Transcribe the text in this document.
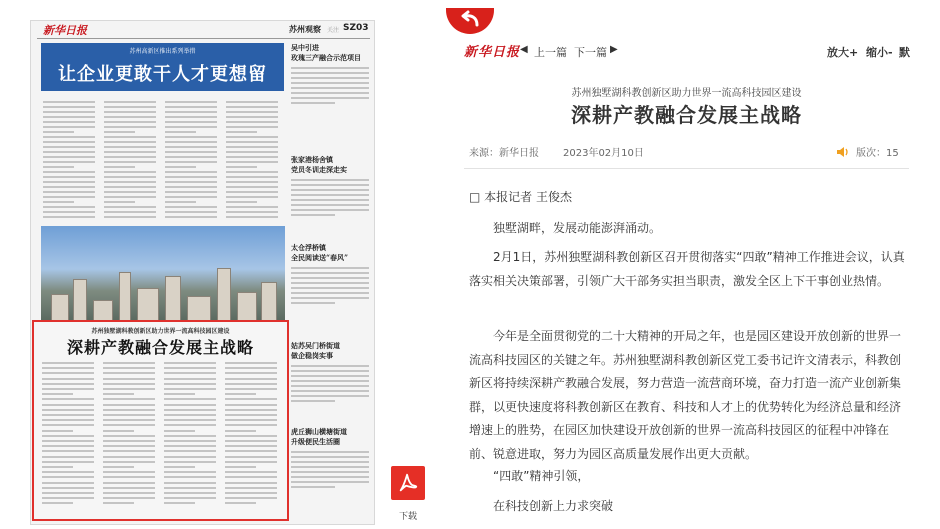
新华日报	苏州观察 关注 SZ03
苏州高新区推出系列举措
让企业更敢干人才更想留
吴中引进
玫瑰三产融合示范项目
张家港杨舍镇
党员冬训走深走实
太仓浮桥镇
全民阅读送“春风”
姑苏吴门桥街道
做企稳岗实事
虎丘狮山横塘街道
升级便民生活圈
苏州独墅湖科教创新区助力世界一流高科技园区建设
深耕产教融合发展主战略
下载
新华日报 ◀ 上一篇 下一篇 ▶	放大+ 缩小- 默
苏州独墅湖科教创新区助力世界一流高科技园区建设
深耕产教融合发展主战略
来源：新华日报 2023年02月10日	版次：15
□ 本报记者 王俊杰
独墅湖畔，发展动能澎湃涌动。
2月1日，苏州独墅湖科教创新区召开贯彻落实“四敢”精神工作推进会议，认真落实相关决策部署，引领广大干部务实担当职责，激发全区上下干事创业热情。
今年是全面贯彻党的二十大精神的开局之年，也是园区建设开放创新的世界一流高科技园区的关键之年。苏州独墅湖科教创新区党工委书记许文清表示，科教创新区将持续深耕产教融合发展，努力营造一流营商环境，奋力打造一流产业创新集群，以更快速度将科教创新区在教育、科技和人才上的优势转化为经济总量和经济增速上的胜势，在园区加快建设开放创新的世界一流高科技园区的征程中冲锋在前、锐意进取，努力为园区高质量发展作出更大贡献。
“四敢”精神引领，
在科技创新上力求突破
